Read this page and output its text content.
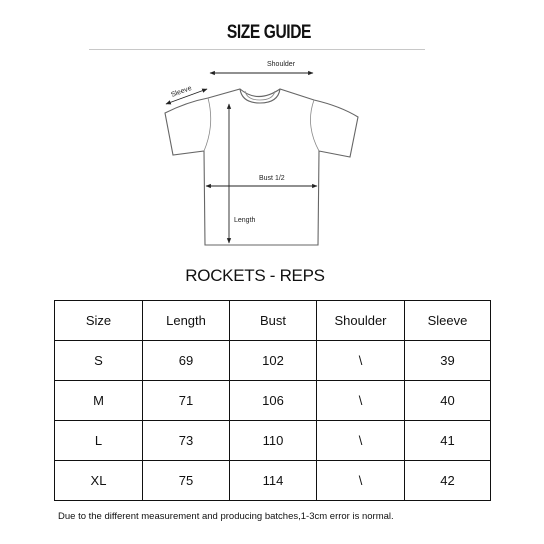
SIZE GUIDE
Shoulder
Sleeve
Bust 1/2
Length
ROCKETS - REPS
Size	Length	Bust	Shoulder	Sleeve
S	69	102	\	39
M	71	106	\	40
L	73	110	\	41
XL	75	114	\	42
Due to the different measurement and producing batches,1-3cm error is normal.
